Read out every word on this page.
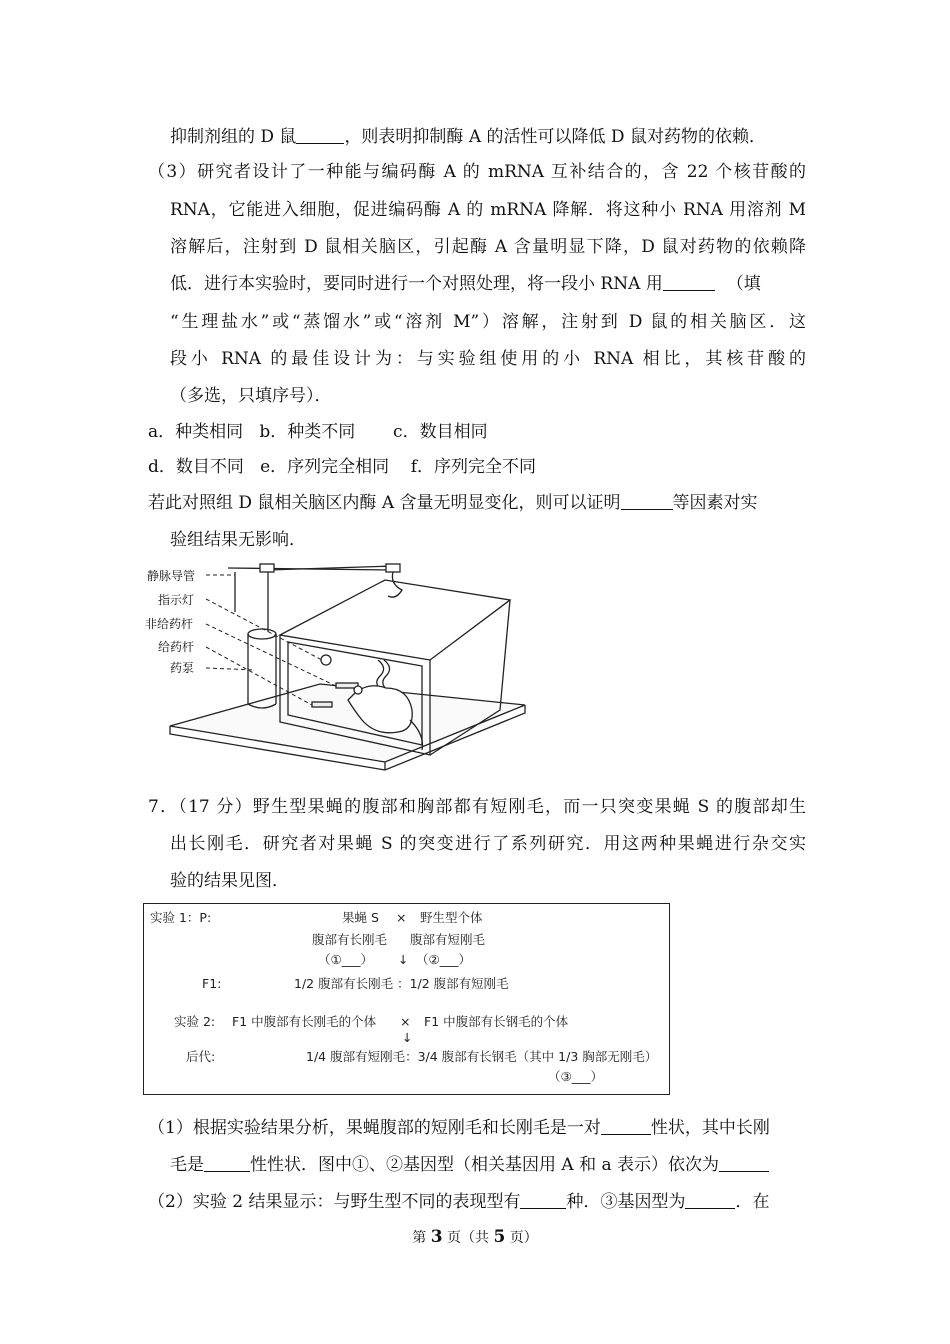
抑制剂组的 D 鼠	，则表明抑制酶 A 的活性可以降低 D 鼠对药物的依赖．
（3）研究者设计了一种能与编码酶 A 的 mRNA 互补结合的，含 22 个核苷酸的
RNA，它能进入细胞，促进编码酶 A 的 mRNA 降解．将这种小 RNA 用溶剂 M
溶解后，注射到 D 鼠相关脑区，引起酶 A 含量明显下降，D 鼠对药物的依赖降
低．进行本实验时，要同时进行一个对照处理，将一段小 RNA 用	（填
“生理盐水”或“蒸馏水”或“溶剂 M”）溶解，注射到 D 鼠的相关脑区．这
段小 RNA 的最佳设计为：与实验组使用的小 RNA 相比，其核苷酸的
（多选，只填序号）．
a．种类相同   b．种类不同       c．数目相同
d．数目不同   e．序列完全相同    f．序列完全不同
若此对照组 D 鼠相关脑区内酶 A 含量无明显变化，则可以证明	等因素对实
验组结果无影响．
静脉导管
指示灯
非给药杆
给药杆
药泵
7．（17 分）野生型果蝇的腹部和胸部都有短刚毛，而一只突变果蝇 S 的腹部却生
出长刚毛．研究者对果蝇 S 的突变进行了系列研究．用这两种果蝇进行杂交实
验的结果见图．
实验 1：P:	果蝇 S × 野生型个体
腹部有长刚毛 腹部有短刚毛
（①___） ↓ （②___）
F1:	1/2 腹部有长刚毛 ：1/2 腹部有短刚毛
实验 2: F1 中腹部有长刚毛的个体 × F1 中腹部有长钢毛的个体
↓
后代:	1/4 腹部有短刚毛：3/4 腹部有长钢毛（其中 1/3 胸部无刚毛）
（③___）
（1）根据实验结果分析，果蝇腹部的短刚毛和长刚毛是一对	性状，其中长刚
毛是	性性状．图中①、②基因型（相关基因用 A 和 a 表示）依次为
（2）实验 2 结果显示：与野生型不同的表现型有	种．③基因型为	．在
第 3 页（共 5 页）
